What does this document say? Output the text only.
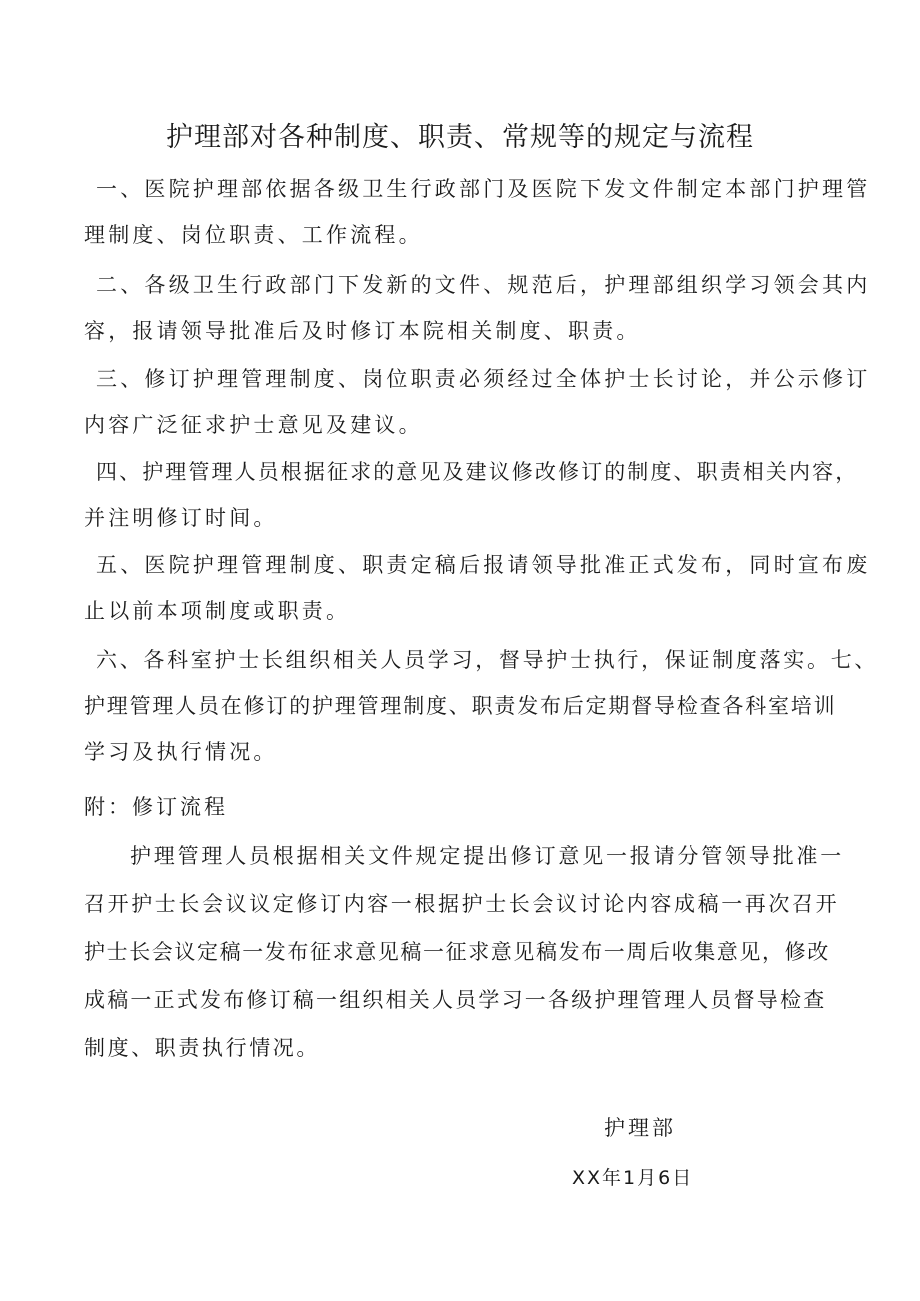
护理部对各种制度、职责、常规等的规定与流程
一、医院护理部依据各级卫生行政部门及医院下发文件制定本部门护理管
理制度、岗位职责、工作流程。
二、各级卫生行政部门下发新的文件、规范后，护理部组织学习领会其内
容，报请领导批准后及时修订本院相关制度、职责。
三、修订护理管理制度、岗位职责必须经过全体护士长讨论，并公示修订
内容广泛征求护士意见及建议。
四、护理管理人员根据征求的意见及建议修改修订的制度、职责相关内容，
并注明修订时间。
五、医院护理管理制度、职责定稿后报请领导批准正式发布，同时宣布废
止以前本项制度或职责。
六、各科室护士长组织相关人员学习，督导护士执行，保证制度落实。七、
护理管理人员在修订的护理管理制度、职责发布后定期督导检查各科室培训
学习及执行情况。
附：修订流程
护理管理人员根据相关文件规定提出修订意见一报请分管领导批准一
召开护士长会议议定修订内容一根据护士长会议讨论内容成稿一再次召开
护士长会议定稿一发布征求意见稿一征求意见稿发布一周后收集意见，修改
成稿一正式发布修订稿一组织相关人员学习一各级护理管理人员督导检查
制度、职责执行情况。
护理部
XX年1月6日
